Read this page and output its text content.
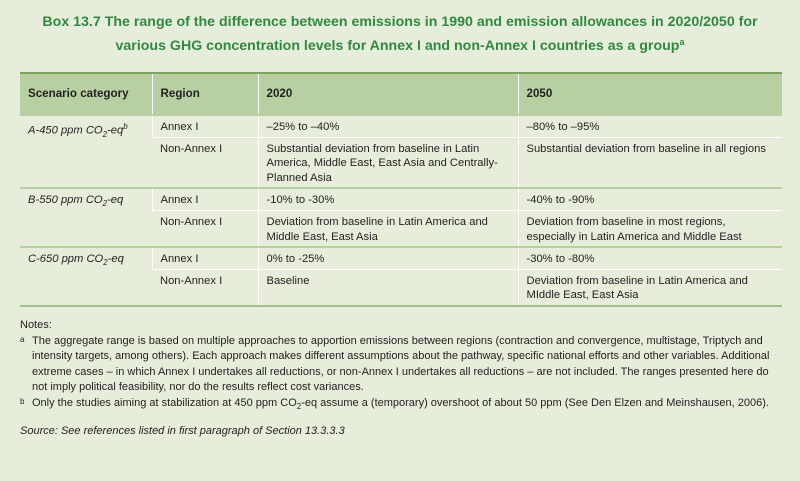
Box 13.7 The range of the difference between emissions in 1990 and emission allowances in 2020/2050 for various GHG concentration levels for Annex I and non-Annex I countries as a group$^a$
Scenario category	Region	2020	2050
A-450 ppm $CO_2-eq^b$	Annex I	–25% to –40%	–80% to –95%
	Non-Annex I	Substantial deviation from baseline in Latin America, Middle East, East Asia and Centrally-Planned Asia	Substantial deviation from baseline in all regions
B-550 ppm $CO_2-eq$	Annex I	-10% to -30%	-40% to -90%
	Non-Annex I	Deviation from baseline in Latin America and Middle East, East Asia	Deviation from baseline in most regions, especially in Latin America and Middle East
C-650 ppm $CO_2-eq$	Annex I	0% to -25%	-30% to -80%
	Non-Annex I	Baseline	Deviation from baseline in Latin America and MIddle East, East Asia

Notes:

a The aggregate range is based on multiple approaches to apportion emissions between regions (contraction and convergence, multistage, Triptych and intensity targets, among others). Each approach makes different assumptions about the pathway, specific national efforts and other variables. Additional extreme cases – in which Annex I undertakes all reductions, or non-Annex I undertakes all reductions – are not included. The ranges presented here do not imply political feasibility, nor do the results reflect cost variances.
b Only the studies aiming at stabilization at 450 ppm $CO_2-eq$ assume a (temporary) overshoot of about 50 ppm (See Den Elzen and Meinshausen, 2006).

Source: See references listed in first paragraph of Section 13.3.3.3
